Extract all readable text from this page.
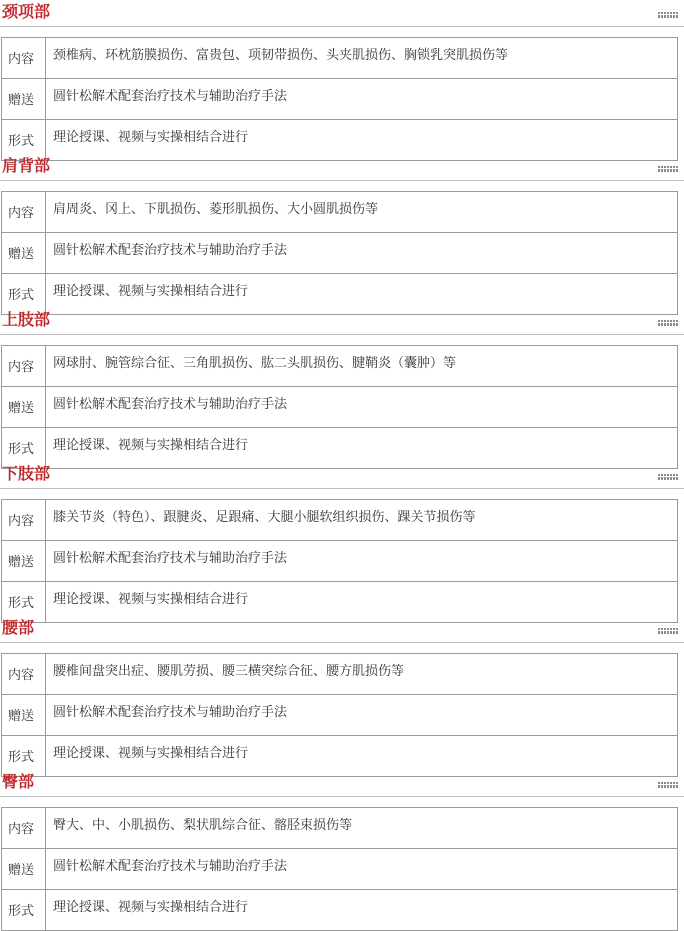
颈项部
内容	颈椎病、环枕筋膜损伤、富贵包、项韧带损伤、头夹肌损伤、胸锁乳突肌损伤等
赠送	圆针松解术配套治疗技术与辅助治疗手法
形式	理论授课、视频与实操相结合进行
肩背部
内容	肩周炎、冈上、下肌损伤、菱形肌损伤、大小圆肌损伤等
赠送	圆针松解术配套治疗技术与辅助治疗手法
形式	理论授课、视频与实操相结合进行
上肢部
内容	网球肘、腕管综合征、三角肌损伤、肱二头肌损伤、腱鞘炎（囊肿）等
赠送	圆针松解术配套治疗技术与辅助治疗手法
形式	理论授课、视频与实操相结合进行
下肢部
内容	膝关节炎（特色）、跟腱炎、足跟痛、大腿小腿软组织损伤、踝关节损伤等
赠送	圆针松解术配套治疗技术与辅助治疗手法
形式	理论授课、视频与实操相结合进行
腰部
内容	腰椎间盘突出症、腰肌劳损、腰三横突综合征、腰方肌损伤等
赠送	圆针松解术配套治疗技术与辅助治疗手法
形式	理论授课、视频与实操相结合进行
臀部
内容	臀大、中、小肌损伤、梨状肌综合征、髂胫束损伤等
赠送	圆针松解术配套治疗技术与辅助治疗手法
形式	理论授课、视频与实操相结合进行
